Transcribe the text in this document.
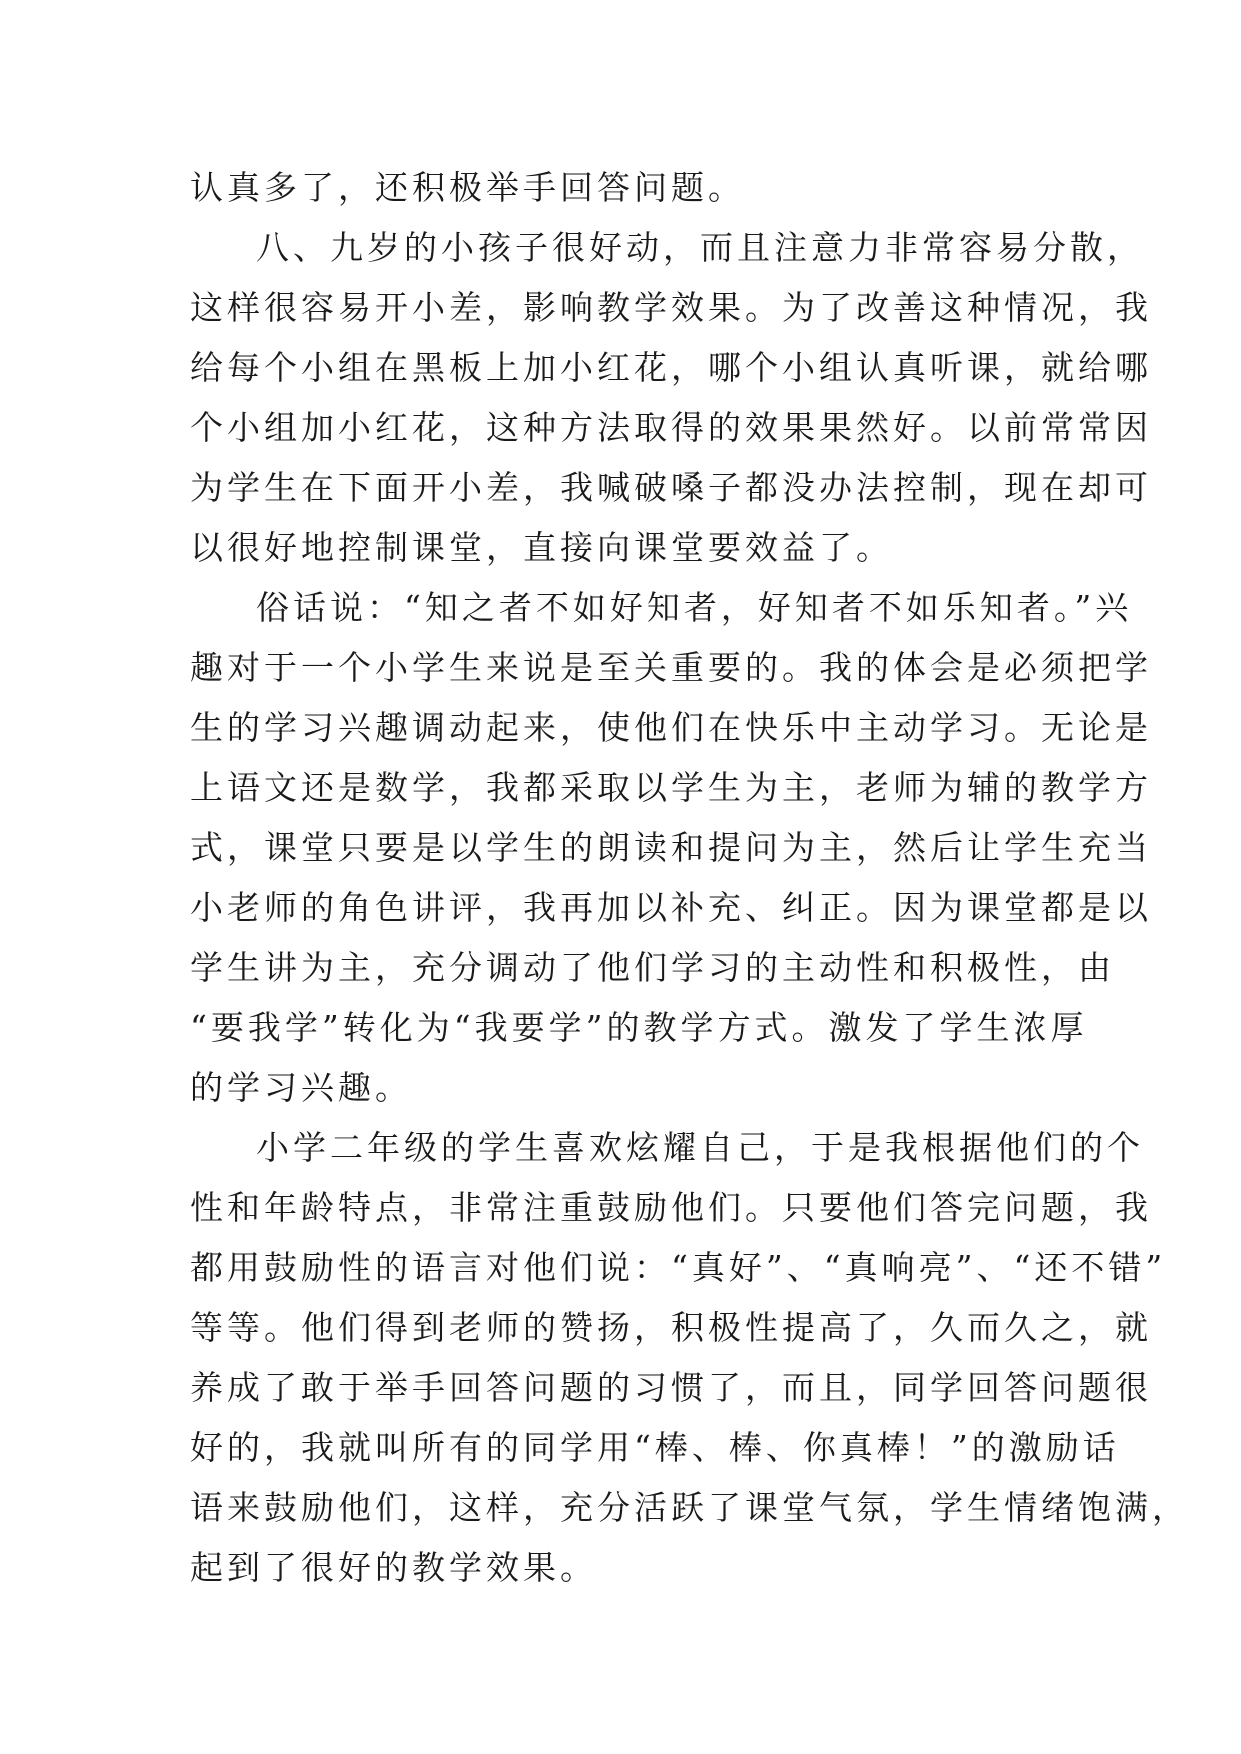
认真多了，还积极举手回答问题。
八、九岁的小孩子很好动，而且注意力非常容易分散，
这样很容易开小差，影响教学效果。为了改善这种情况，我
给每个小组在黑板上加小红花，哪个小组认真听课，就给哪
个小组加小红花，这种方法取得的效果果然好。以前常常因
为学生在下面开小差，我喊破嗓子都没办法控制，现在却可
以很好地控制课堂，直接向课堂要效益了。
俗话说：“知之者不如好知者，好知者不如乐知者。”兴
趣对于一个小学生来说是至关重要的。我的体会是必须把学
生的学习兴趣调动起来，使他们在快乐中主动学习。无论是
上语文还是数学，我都采取以学生为主，老师为辅的教学方
式，课堂只要是以学生的朗读和提问为主，然后让学生充当
小老师的角色讲评，我再加以补充、纠正。因为课堂都是以
学生讲为主，充分调动了他们学习的主动性和积极性，由
“要我学”转化为“我要学”的教学方式。激发了学生浓厚
的学习兴趣。
小学二年级的学生喜欢炫耀自己，于是我根据他们的个
性和年龄特点，非常注重鼓励他们。只要他们答完问题，我
都用鼓励性的语言对他们说：“真好”、“真响亮”、“还不错”
等等。他们得到老师的赞扬，积极性提高了，久而久之，就
养成了敢于举手回答问题的习惯了，而且，同学回答问题很
好的，我就叫所有的同学用“棒、棒、你真棒！”的激励话
语来鼓励他们，这样，充分活跃了课堂气氛，学生情绪饱满，
起到了很好的教学效果。
